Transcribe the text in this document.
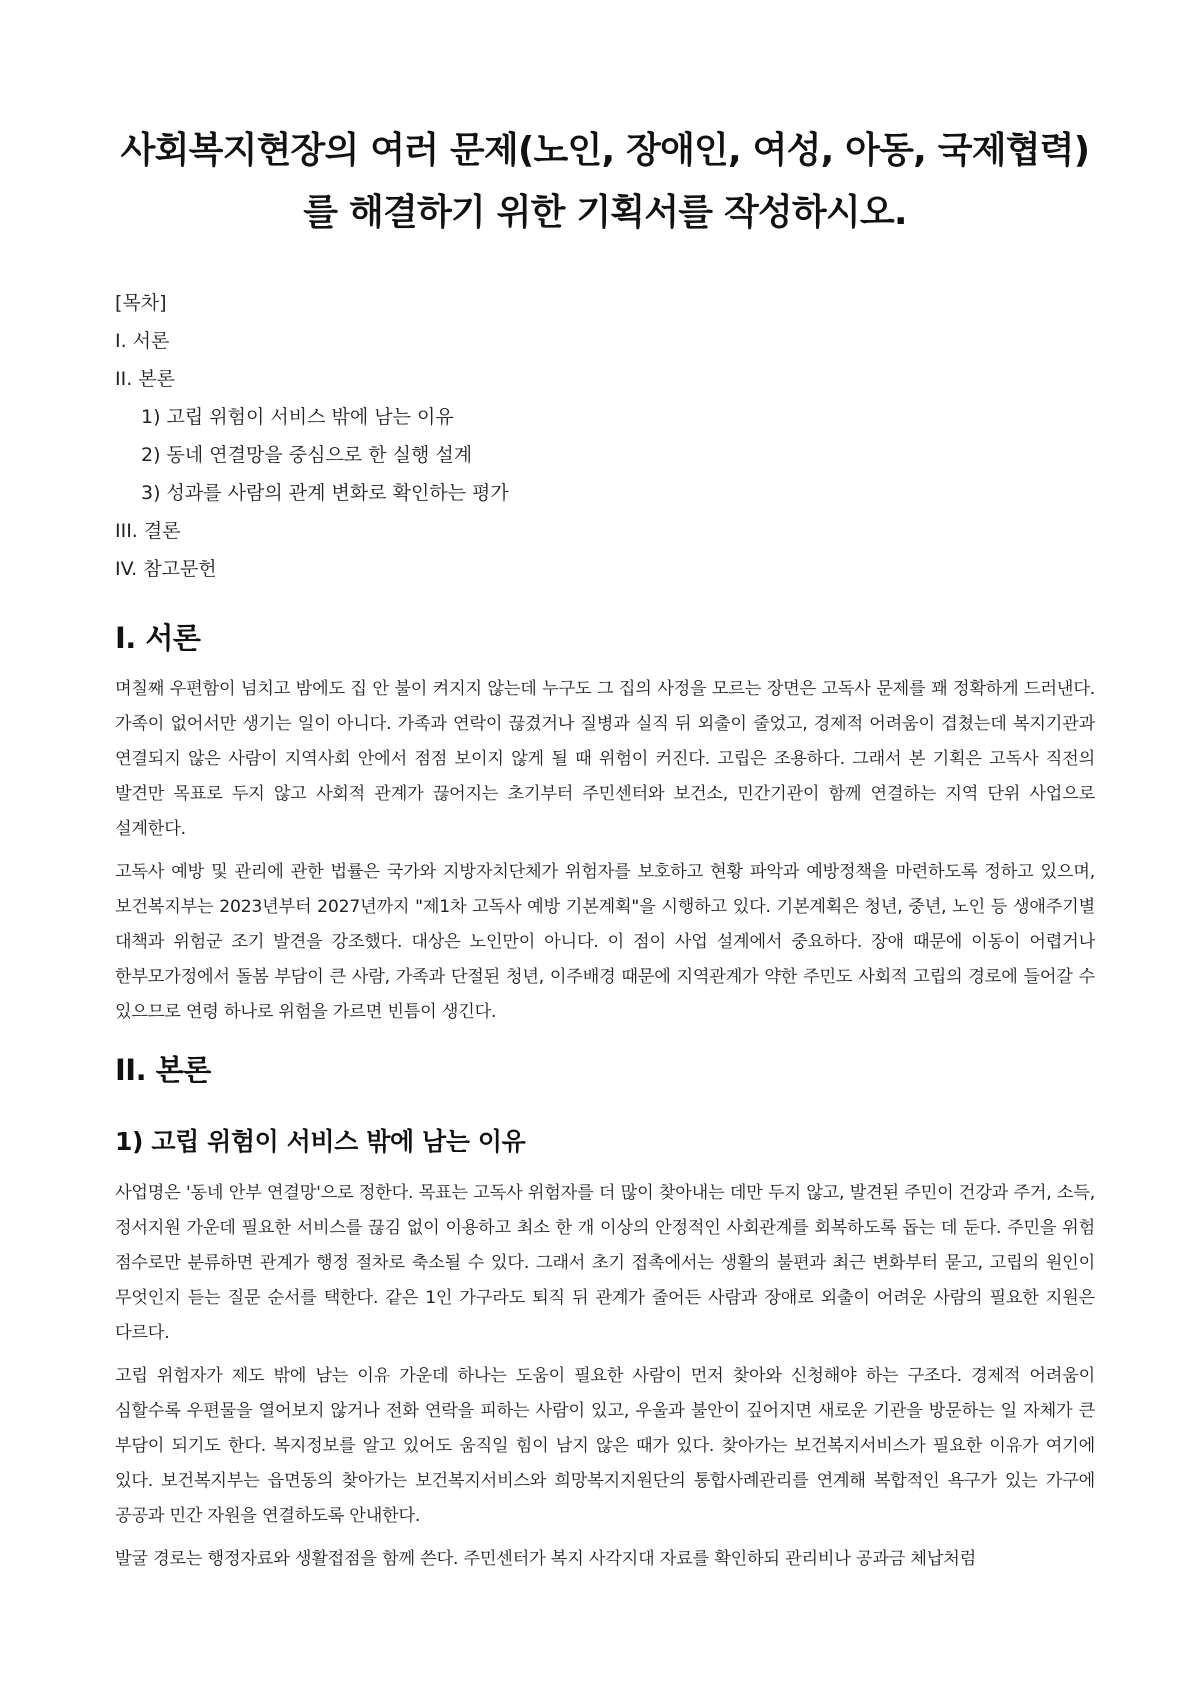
사회복지현장의 여러 문제(노인, 장애인, 여성, 아동, 국제협력)
를 해결하기 위한 기획서를 작성하시오.
[목차]
I. 서론
II. 본론
1) 고립 위험이 서비스 밖에 남는 이유
2) 동네 연결망을 중심으로 한 실행 설계
3) 성과를 사람의 관계 변화로 확인하는 평가
III. 결론
IV. 참고문헌
I. 서론

며칠째 우편함이 넘치고 밤에도 집 안 불이 켜지지 않는데 누구도 그 집의 사정을 모르는 장면은 고독사 문제를 꽤 정확하게 드러낸다. 가족이 없어서만 생기는 일이 아니다. 가족과 연락이 끊겼거나 질병과 실직 뒤 외출이 줄었고, 경제적 어려움이 겹쳤는데 복지기관과 연결되지 않은 사람이 지역사회 안에서 점점 보이지 않게 될 때 위험이 커진다. 고립은 조용하다. 그래서 본 기획은 고독사 직전의 발견만 목표로 두지 않고 사회적 관계가 끊어지는 초기부터 주민센터와 보건소, 민간기관이 함께 연결하는 지역 단위 사업으로 설계한다.

고독사 예방 및 관리에 관한 법률은 국가와 지방자치단체가 위험자를 보호하고 현황 파악과 예방정책을 마련하도록 정하고 있으며, 보건복지부는 2023년부터 2027년까지 "제1차 고독사 예방 기본계획"을 시행하고 있다. 기본계획은 청년, 중년, 노인 등 생애주기별 대책과 위험군 조기 발견을 강조했다. 대상은 노인만이 아니다. 이 점이 사업 설계에서 중요하다. 장애 때문에 이동이 어렵거나 한부모가정에서 돌봄 부담이 큰 사람, 가족과 단절된 청년, 이주배경 때문에 지역관계가 약한 주민도 사회적 고립의 경로에 들어갈 수 있으므로 연령 하나로 위험을 가르면 빈틈이 생긴다.

II. 본론
1) 고립 위험이 서비스 밖에 남는 이유

사업명은 '동네 안부 연결망'으로 정한다. 목표는 고독사 위험자를 더 많이 찾아내는 데만 두지 않고, 발견된 주민이 건강과 주거, 소득, 정서지원 가운데 필요한 서비스를 끊김 없이 이용하고 최소 한 개 이상의 안정적인 사회관계를 회복하도록 돕는 데 둔다. 주민을 위험 점수로만 분류하면 관계가 행정 절차로 축소될 수 있다. 그래서 초기 접촉에서는 생활의 불편과 최근 변화부터 묻고, 고립의 원인이 무엇인지 듣는 질문 순서를 택한다. 같은 1인 가구라도 퇴직 뒤 관계가 줄어든 사람과 장애로 외출이 어려운 사람의 필요한 지원은 다르다.

고립 위험자가 제도 밖에 남는 이유 가운데 하나는 도움이 필요한 사람이 먼저 찾아와 신청해야 하는 구조다. 경제적 어려움이 심할수록 우편물을 열어보지 않거나 전화 연락을 피하는 사람이 있고, 우울과 불안이 깊어지면 새로운 기관을 방문하는 일 자체가 큰 부담이 되기도 한다. 복지정보를 알고 있어도 움직일 힘이 남지 않은 때가 있다. 찾아가는 보건복지서비스가 필요한 이유가 여기에 있다. 보건복지부는 읍면동의 찾아가는 보건복지서비스와 희망복지지원단의 통합사례관리를 연계해 복합적인 욕구가 있는 가구에 공공과 민간 자원을 연결하도록 안내한다.

발굴 경로는 행정자료와 생활접점을 함께 쓴다. 주민센터가 복지 사각지대 자료를 확인하되 관리비나 공과금 체납처럼
